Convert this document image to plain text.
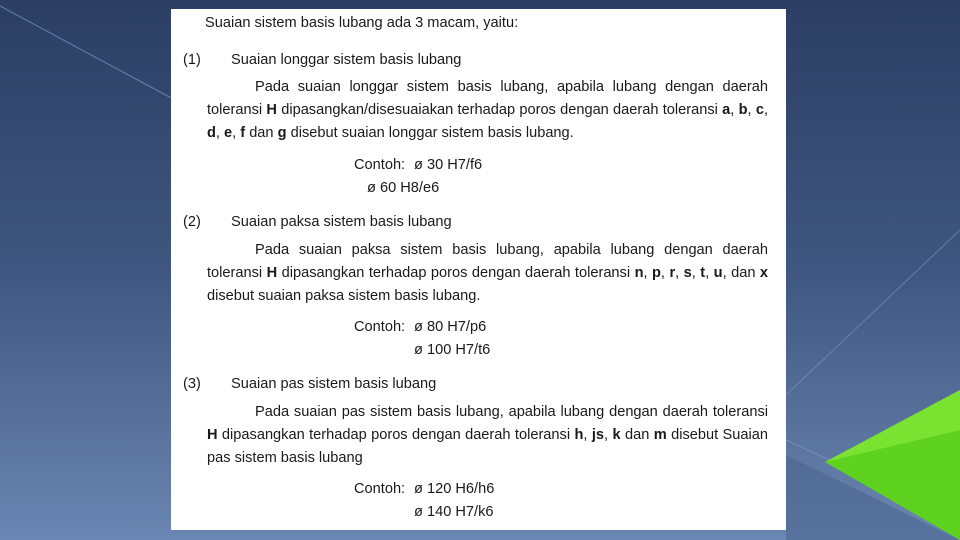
Suaian sistem basis lubang ada 3 macam, yaitu:
(1) Suaian longgar sistem basis lubang
Pada suaian longgar sistem basis lubang, apabila lubang dengan daerah toleransi H dipasangkan/disesuaiakan terhadap poros dengan daerah toleransi a, b, c, d, e, f dan g disebut suaian longgar sistem basis lubang.
Contoh: ø 30 H7/f6
ø 60 H8/e6
(2) Suaian paksa sistem basis lubang
Pada suaian paksa sistem basis lubang, apabila lubang dengan daerah toleransi H dipasangkan terhadap poros dengan daerah toleransi n, p, r, s, t, u, dan x disebut suaian paksa sistem basis lubang.
Contoh: ø 80 H7/p6
ø 100 H7/t6
(3) Suaian pas sistem basis lubang
Pada suaian pas sistem basis lubang, apabila lubang dengan daerah toleransi H dipasangkan terhadap poros dengan daerah toleransi h, js, k dan m disebut Suaian pas sistem basis lubang
Contoh: ø 120 H6/h6
ø 140 H7/k6
